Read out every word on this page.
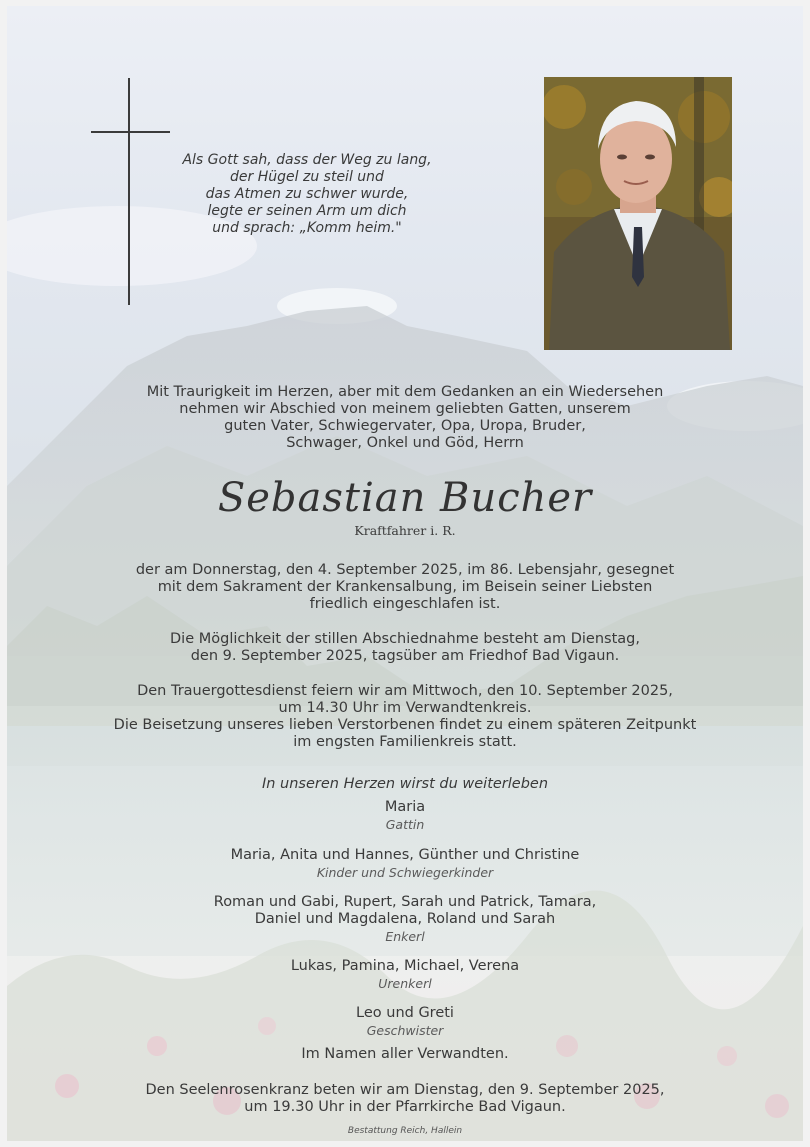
Als Gott sah, dass der Weg zu lang,
der Hügel zu steil und
das Atmen zu schwer wurde,
legte er seinen Arm um dich
und sprach: „Komm heim."
Mit Traurigkeit im Herzen, aber mit dem Gedanken an ein Wiedersehen
nehmen wir Abschied von meinem geliebten Gatten, unserem
guten Vater, Schwiegervater, Opa, Uropa, Bruder,
Schwager, Onkel und Göd, Herrn
Sebastian Bucher
Kraftfahrer i. R.
der am Donnerstag, den 4. September 2025, im 86. Lebensjahr, gesegnet
mit dem Sakrament der Krankensalbung, im Beisein seiner Liebsten
friedlich eingeschlafen ist.
Die Möglichkeit der stillen Abschiednahme besteht am Dienstag,
den 9. September 2025, tagsüber am Friedhof Bad Vigaun.
Den Trauergottesdienst feiern wir am Mittwoch, den 10. September 2025,
um 14.30 Uhr im Verwandtenkreis.
Die Beisetzung unseres lieben Verstorbenen findet zu einem späteren Zeitpunkt
im engsten Familienkreis statt.
In unseren Herzen wirst du weiterleben
Maria
Gattin
Maria, Anita und Hannes, Günther und Christine
Kinder und Schwiegerkinder
Roman und Gabi, Rupert, Sarah und Patrick, Tamara,
Daniel und Magdalena, Roland und Sarah
Enkerl
Lukas, Pamina, Michael, Verena
Urenkerl
Leo und Greti
Geschwister
Im Namen aller Verwandten.
Den Seelenrosenkranz beten wir am Dienstag, den 9. September 2025,
um 19.30 Uhr in der Pfarrkirche Bad Vigaun.
Bestattung Reich, Hallein
